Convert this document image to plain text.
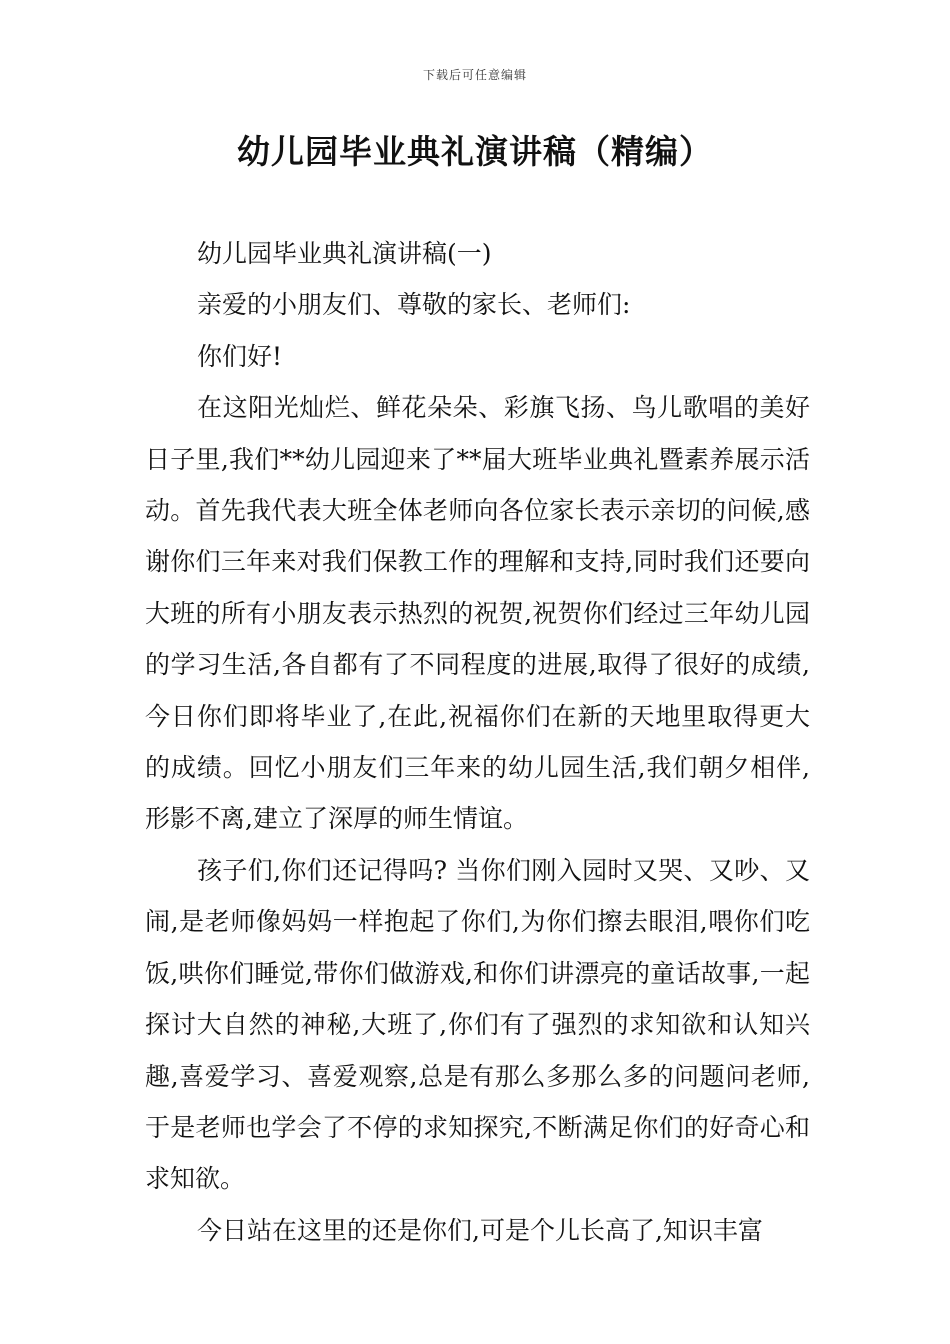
下载后可任意编辑
幼儿园毕业典礼演讲稿（精编）

幼儿园毕业典礼演讲稿(一)

亲爱的小朋友们、尊敬的家长、老师们:

你们好!

在这阳光灿烂、鲜花朵朵、彩旗飞扬、鸟儿歌唱的美好日子里,我们**幼儿园迎来了**届大班毕业典礼暨素养展示活动。首先我代表大班全体老师向各位家长表示亲切的问候,感谢你们三年来对我们保教工作的理解和支持,同时我们还要向大班的所有小朋友表示热烈的祝贺,祝贺你们经过三年幼儿园的学习生活,各自都有了不同程度的进展,取得了很好的成绩,今日你们即将毕业了,在此,祝福你们在新的天地里取得更大的成绩。回忆小朋友们三年来的幼儿园生活,我们朝夕相伴,形影不离,建立了深厚的师生情谊。

孩子们,你们还记得吗? 当你们刚入园时又哭、又吵、又闹,是老师像妈妈一样抱起了你们,为你们擦去眼泪,喂你们吃饭,哄你们睡觉,带你们做游戏,和你们讲漂亮的童话故事,一起探讨大自然的神秘,大班了,你们有了强烈的求知欲和认知兴趣,喜爱学习、喜爱观察,总是有那么多那么多的问题问老师,于是老师也学会了不停的求知探究,不断满足你们的好奇心和求知欲。

今日站在这里的还是你们,可是个儿长高了,知识丰富
